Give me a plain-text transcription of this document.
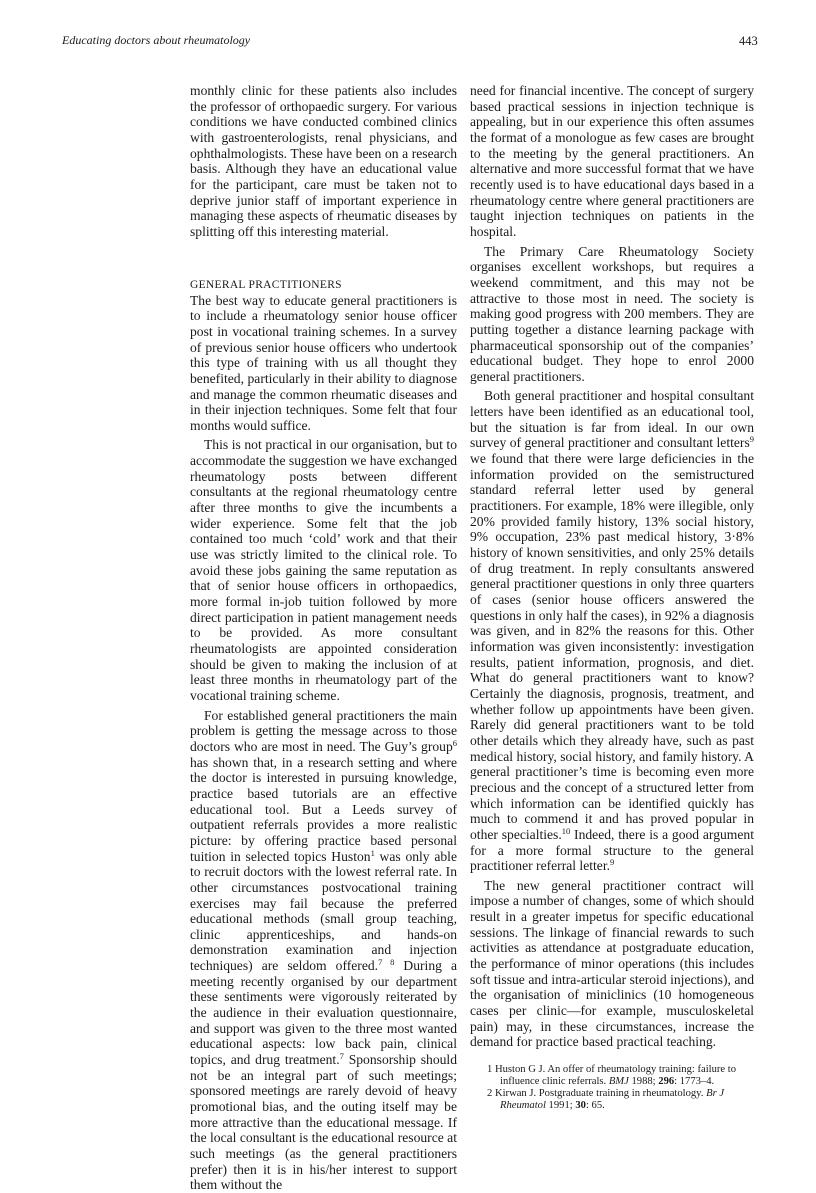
Educating doctors about rheumatology	443

monthly clinic for these patients also includes the professor of orthopaedic surgery. For various conditions we have conducted combined clinics with gastroenterologists, renal physicians, and ophthalmologists. These have been on a research basis. Although they have an educational value for the participant, care must be taken not to deprive junior staff of important experience in managing these aspects of rheumatic diseases by splitting off this interesting material.

GENERAL PRACTITIONERS

The best way to educate general practitioners is to include a rheumatology senior house officer post in vocational training schemes. In a survey of previous senior house officers who undertook this type of training with us all thought they benefited, particularly in their ability to diagnose and manage the common rheumatic diseases and in their injection techniques. Some felt that four months would suffice.

This is not practical in our organisation, but to accommodate the suggestion we have exchanged rheumatology posts between different consultants at the regional rheumatology centre after three months to give the incumbents a wider experience. Some felt that the job contained too much ‘cold’ work and that their use was strictly limited to the clinical role. To avoid these jobs gaining the same reputation as that of senior house officers in orthopaedics, more formal in-job tuition followed by more direct participation in patient management needs to be provided. As more consultant rheumatologists are appointed consideration should be given to making the inclusion of at least three months in rheumatology part of the vocational training scheme.

For established general practitioners the main problem is getting the message across to those doctors who are most in need. The Guy’s group$^6$ has shown that, in a research setting and where the doctor is interested in pursuing knowledge, practice based tutorials are an effective educational tool. But a Leeds survey of outpatient referrals provides a more realistic picture: by offering practice based personal tuition in selected topics Huston$^1$ was only able to recruit doctors with the lowest referral rate. In other circumstances postvocational training exercises may fail because the preferred educational methods (small group teaching, clinic apprenticeships, and hands-on demonstration examination and injection techniques) are seldom offered.$^{7 8}$ During a meeting recently organised by our department these sentiments were vigorously reiterated by the audience in their evaluation questionnaire, and support was given to the three most wanted educational aspects: low back pain, clinical topics, and drug treatment.$^7$ Sponsorship should not be an integral part of such meetings; sponsored meetings are rarely devoid of heavy promotional bias, and the outing itself may be more attractive than the educational message. If the local consultant is the educational resource at such meetings (as the general practitioners prefer) then it is in his/her interest to support them without the

need for financial incentive. The concept of surgery based practical sessions in injection technique is appealing, but in our experience this often assumes the format of a monologue as few cases are brought to the meeting by the general practitioners. An alternative and more successful format that we have recently used is to have educational days based in a rheumatology centre where general practitioners are taught injection techniques on patients in the hospital.

The Primary Care Rheumatology Society organises excellent workshops, but requires a weekend commitment, and this may not be attractive to those most in need. The society is making good progress with 200 members. They are putting together a distance learning package with pharmaceutical sponsorship out of the companies’ educational budget. They hope to enrol 2000 general practitioners.

Both general practitioner and hospital consultant letters have been identified as an educational tool, but the situation is far from ideal. In our own survey of general practitioner and consultant letters$^9$ we found that there were large deficiencies in the information provided on the semistructured standard referral letter used by general practitioners. For example, 18% were illegible, only 20% provided family history, 13% social history, 9% occupation, 23% past medical history, 3·8% history of known sensitivities, and only 25% details of drug treatment. In reply consultants answered general practitioner questions in only three quarters of cases (senior house officers answered the questions in only half the cases), in 92% a diagnosis was given, and in 82% the reasons for this. Other information was given inconsistently: investigation results, patient information, prognosis, and diet. What do general practitioners want to know? Certainly the diagnosis, prognosis, treatment, and whether follow up appointments have been given. Rarely did general practitioners want to be told other details which they already have, such as past medical history, social history, and family history. A general practitioner’s time is becoming even more precious and the concept of a structured letter from which information can be identified quickly has much to commend it and has proved popular in other specialties.$^{10}$ Indeed, there is a good argument for a more formal structure to the general practitioner referral letter.$^9$

The new general practitioner contract will impose a number of changes, some of which should result in a greater impetus for specific educational sessions. The linkage of financial rewards to such activities as attendance at postgraduate education, the performance of minor operations (this includes soft tissue and intra-articular steroid injections), and the organisation of miniclinics (10 homogeneous cases per clinic—for example, musculoskeletal pain) may, in these circumstances, increase the demand for practice based practical teaching.

1 Huston G J. An offer of rheumatology training: failure to influence clinic referrals. BMJ 1988; 296: 1773–4.
2 Kirwan J. Postgraduate training in rheumatology. Br J Rheumatol 1991; 30: 65.
